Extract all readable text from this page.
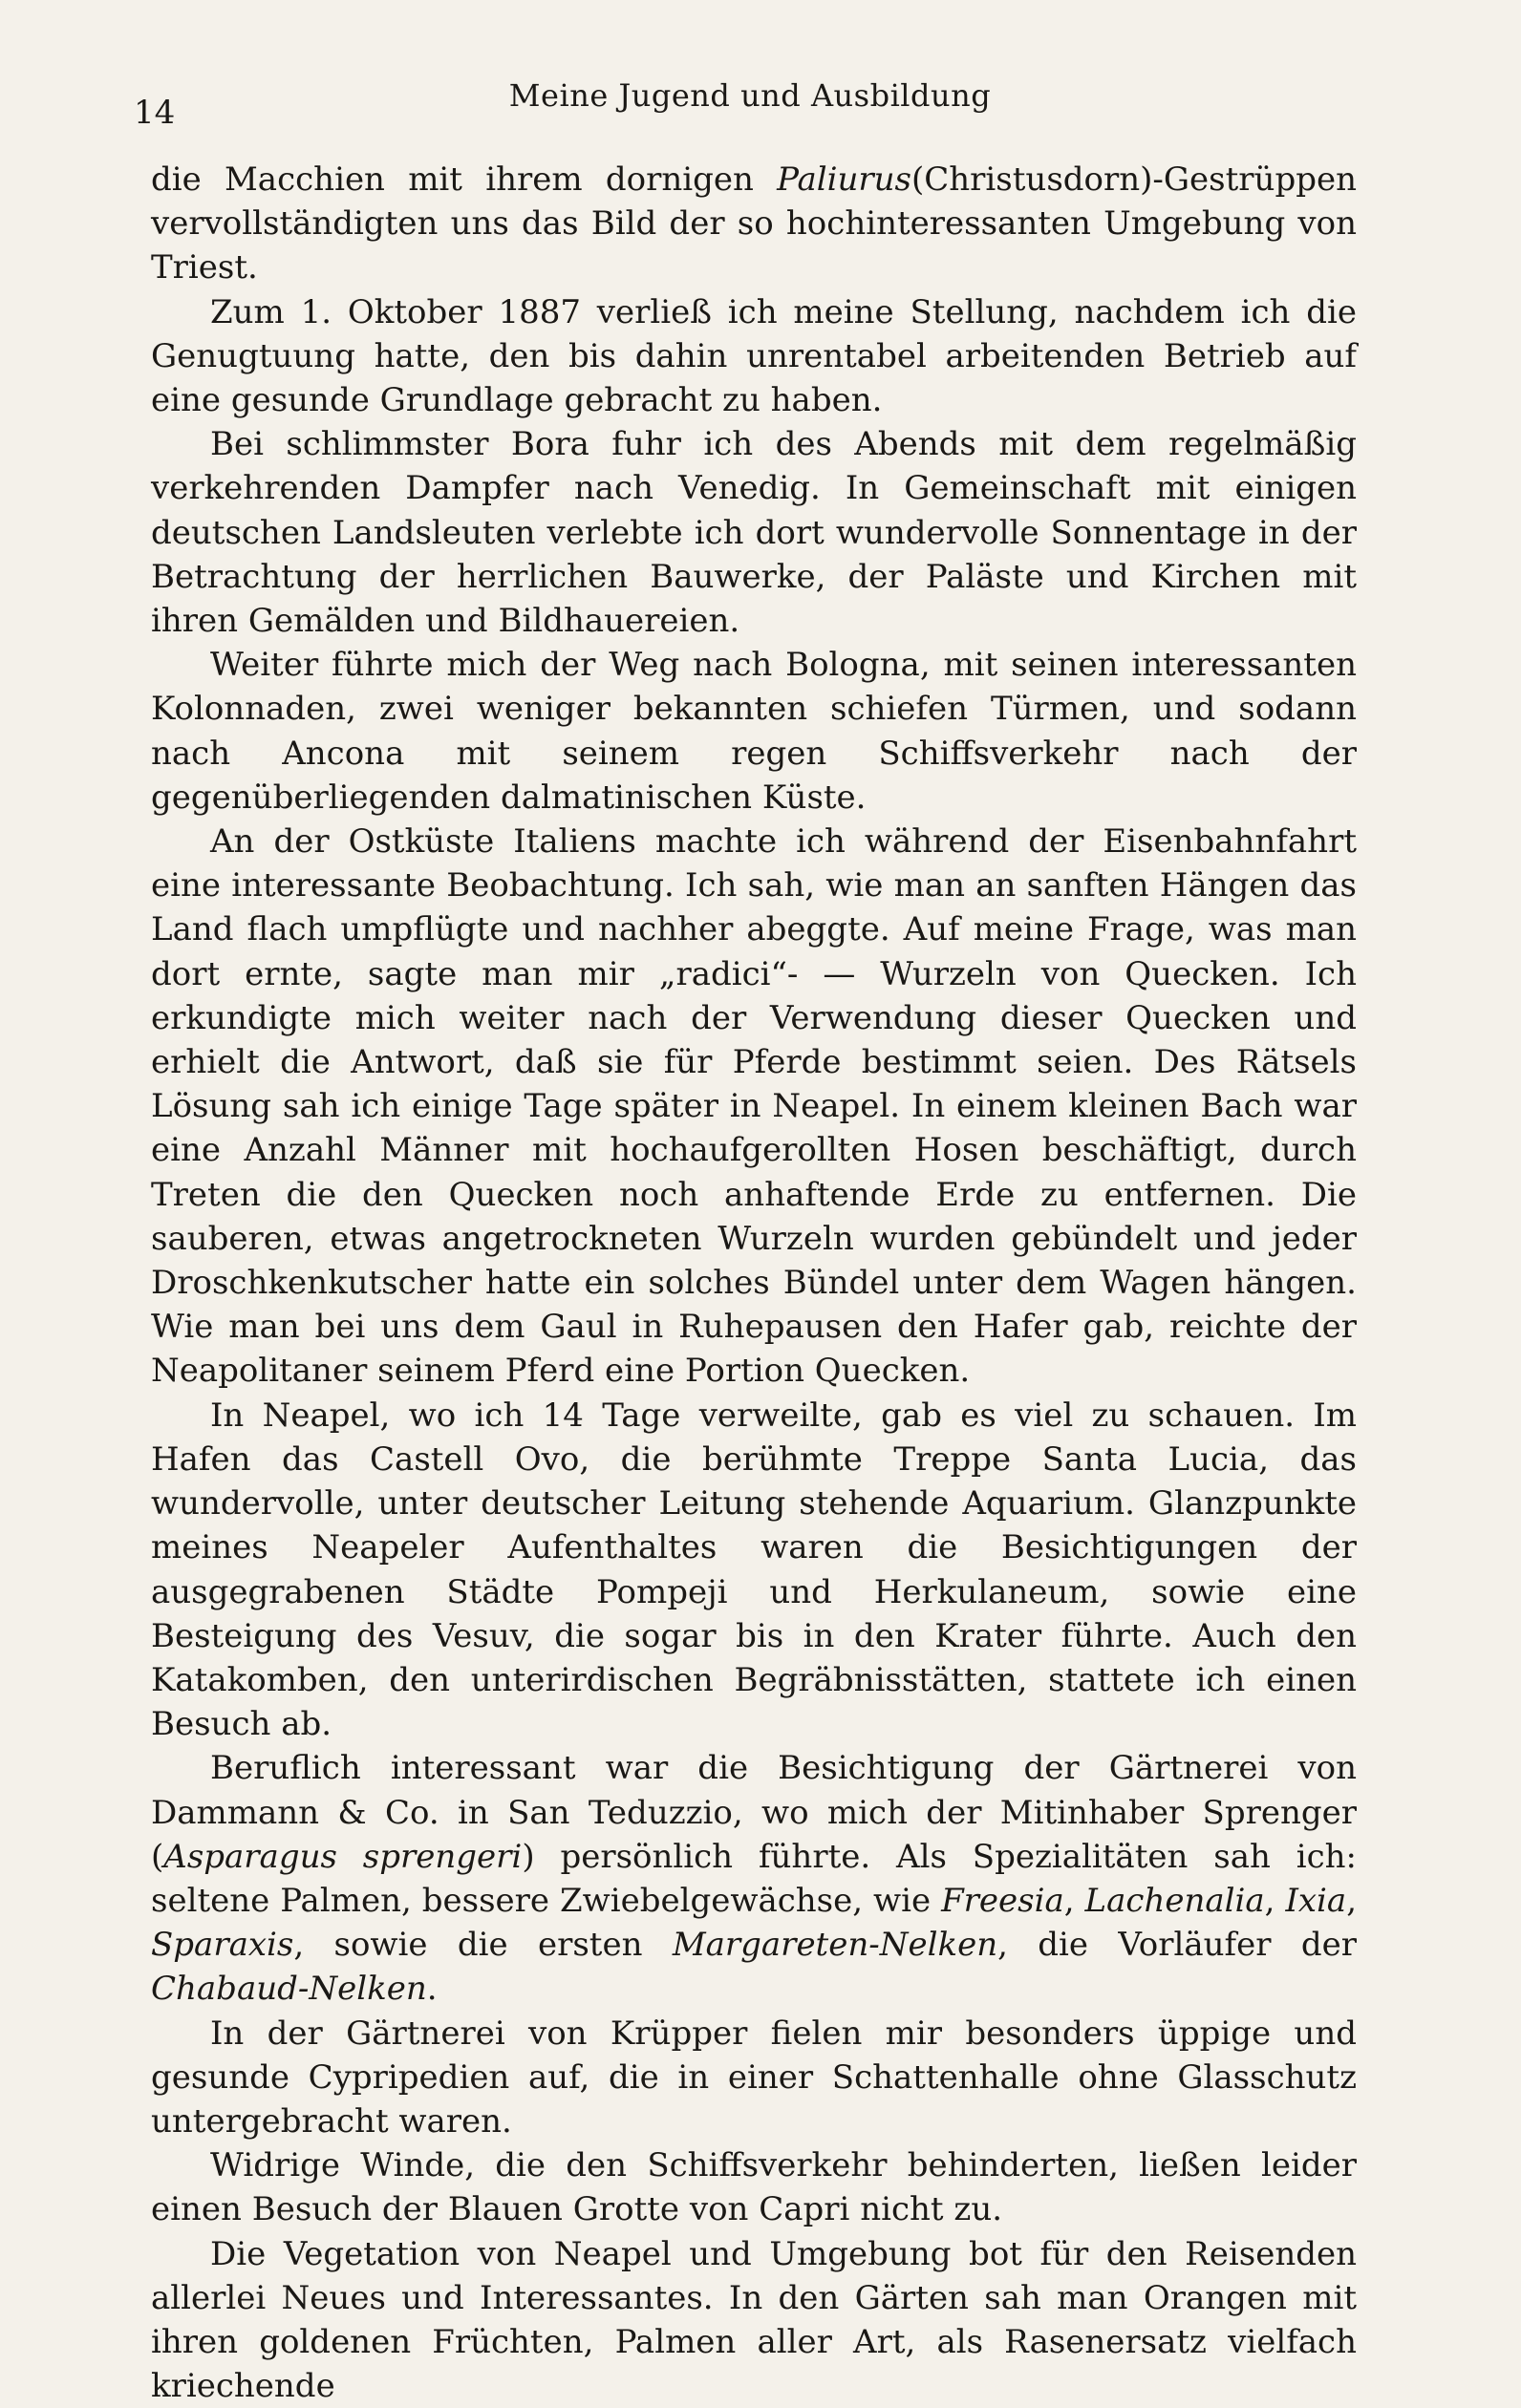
14	Meine Jugend und Ausbildung

die Macchien mit ihrem dornigen Paliurus(Christusdorn)-Gestrüppen vervollständigten uns das Bild der so hochinteressanten Umgebung von Triest.

Zum 1. Oktober 1887 verließ ich meine Stellung, nachdem ich die Genugtuung hatte, den bis dahin unrentabel arbeitenden Betrieb auf eine gesunde Grundlage gebracht zu haben.

Bei schlimmster Bora fuhr ich des Abends mit dem regelmäßig verkehrenden Dampfer nach Venedig. In Gemeinschaft mit einigen deutschen Landsleuten verlebte ich dort wundervolle Sonnentage in der Betrachtung der herrlichen Bauwerke, der Paläste und Kirchen mit ihren Gemälden und Bildhauereien.

Weiter führte mich der Weg nach Bologna, mit seinen interessanten Kolonnaden, zwei weniger bekannten schiefen Türmen, und sodann nach Ancona mit seinem regen Schiffsverkehr nach der gegenüberliegenden dalmatinischen Küste.

An der Ostküste Italiens machte ich während der Eisenbahnfahrt eine interessante Beobachtung. Ich sah, wie man an sanften Hängen das Land flach umpflügte und nachher abeggte. Auf meine Frage, was man dort ernte, sagte man mir „radici“- — Wurzeln von Quecken. Ich erkundigte mich weiter nach der Verwendung dieser Quecken und erhielt die Antwort, daß sie für Pferde bestimmt seien. Des Rätsels Lösung sah ich einige Tage später in Neapel. In einem kleinen Bach war eine Anzahl Männer mit hochaufgerollten Hosen beschäftigt, durch Treten die den Quecken noch anhaftende Erde zu entfernen. Die sauberen, etwas angetrockneten Wurzeln wurden gebündelt und jeder Droschkenkutscher hatte ein solches Bündel unter dem Wagen hängen. Wie man bei uns dem Gaul in Ruhepausen den Hafer gab, reichte der Neapolitaner seinem Pferd eine Portion Quecken.

In Neapel, wo ich 14 Tage verweilte, gab es viel zu schauen. Im Hafen das Castell Ovo, die berühmte Treppe Santa Lucia, das wundervolle, unter deutscher Leitung stehende Aquarium. Glanzpunkte meines Neapeler Aufenthaltes waren die Besichtigungen der ausgegrabenen Städte Pompeji und Herkulaneum, sowie eine Besteigung des Vesuv, die sogar bis in den Krater führte. Auch den Katakomben, den unterirdischen Begräbnisstätten, stattete ich einen Besuch ab.

Beruflich interessant war die Besichtigung der Gärtnerei von Dammann & Co. in San Teduzzio, wo mich der Mitinhaber Sprenger (Asparagus sprengeri) persönlich führte. Als Spezialitäten sah ich: seltene Palmen, bessere Zwiebelgewächse, wie Freesia, Lachenalia, Ixia, Sparaxis, sowie die ersten Margareten-Nelken, die Vorläufer der Chabaud-Nelken.

In der Gärtnerei von Krüpper fielen mir besonders üppige und gesunde Cypripedien auf, die in einer Schattenhalle ohne Glasschutz untergebracht waren.

Widrige Winde, die den Schiffsverkehr behinderten, ließen leider einen Besuch der Blauen Grotte von Capri nicht zu.

Die Vegetation von Neapel und Umgebung bot für den Reisenden allerlei Neues und Interessantes. In den Gärten sah man Orangen mit ihren goldenen Früchten, Palmen aller Art, als Rasenersatz vielfach kriechende
